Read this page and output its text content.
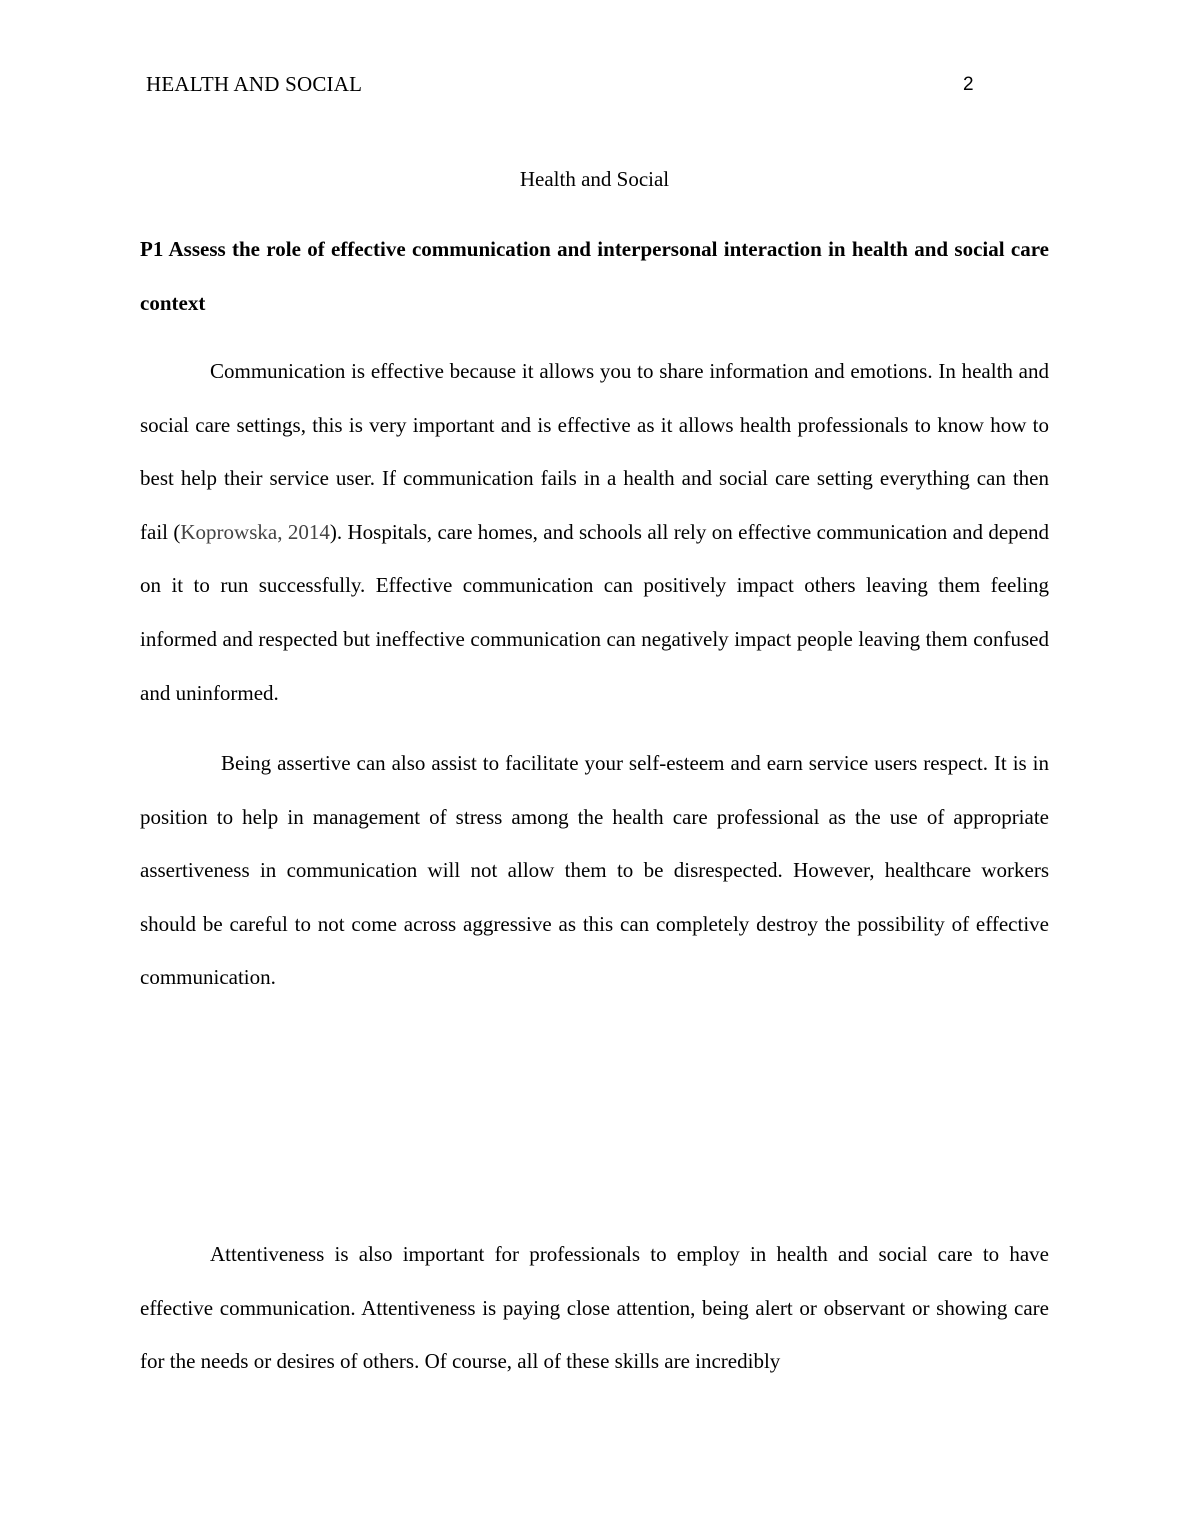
HEALTH AND SOCIAL	2
Health and Social

P1 Assess the role of effective communication and interpersonal interaction in health and social care context

Communication is effective because it allows you to share information and emotions. In health and social care settings, this is very important and is effective as it allows health professionals to know how to best help their service user. If communication fails in a health and social care setting everything can then fail (Koprowska, 2014). Hospitals, care homes, and schools all rely on effective communication and depend on it to run successfully. Effective communication can positively impact others leaving them feeling informed and respected but ineffective communication can negatively impact people leaving them confused and uninformed.

Being assertive can also assist to facilitate your self-esteem and earn service users respect. It is in position to help in management of stress among the health care professional as the use of appropriate assertiveness in communication will not allow them to be disrespected. However, healthcare workers should be careful to not come across aggressive as this can completely destroy the possibility of effective communication.

Attentiveness is also important for professionals to employ in health and social care to have effective communication. Attentiveness is paying close attention, being alert or observant or showing care for the needs or desires of others. Of course, all of these skills are incredibly
